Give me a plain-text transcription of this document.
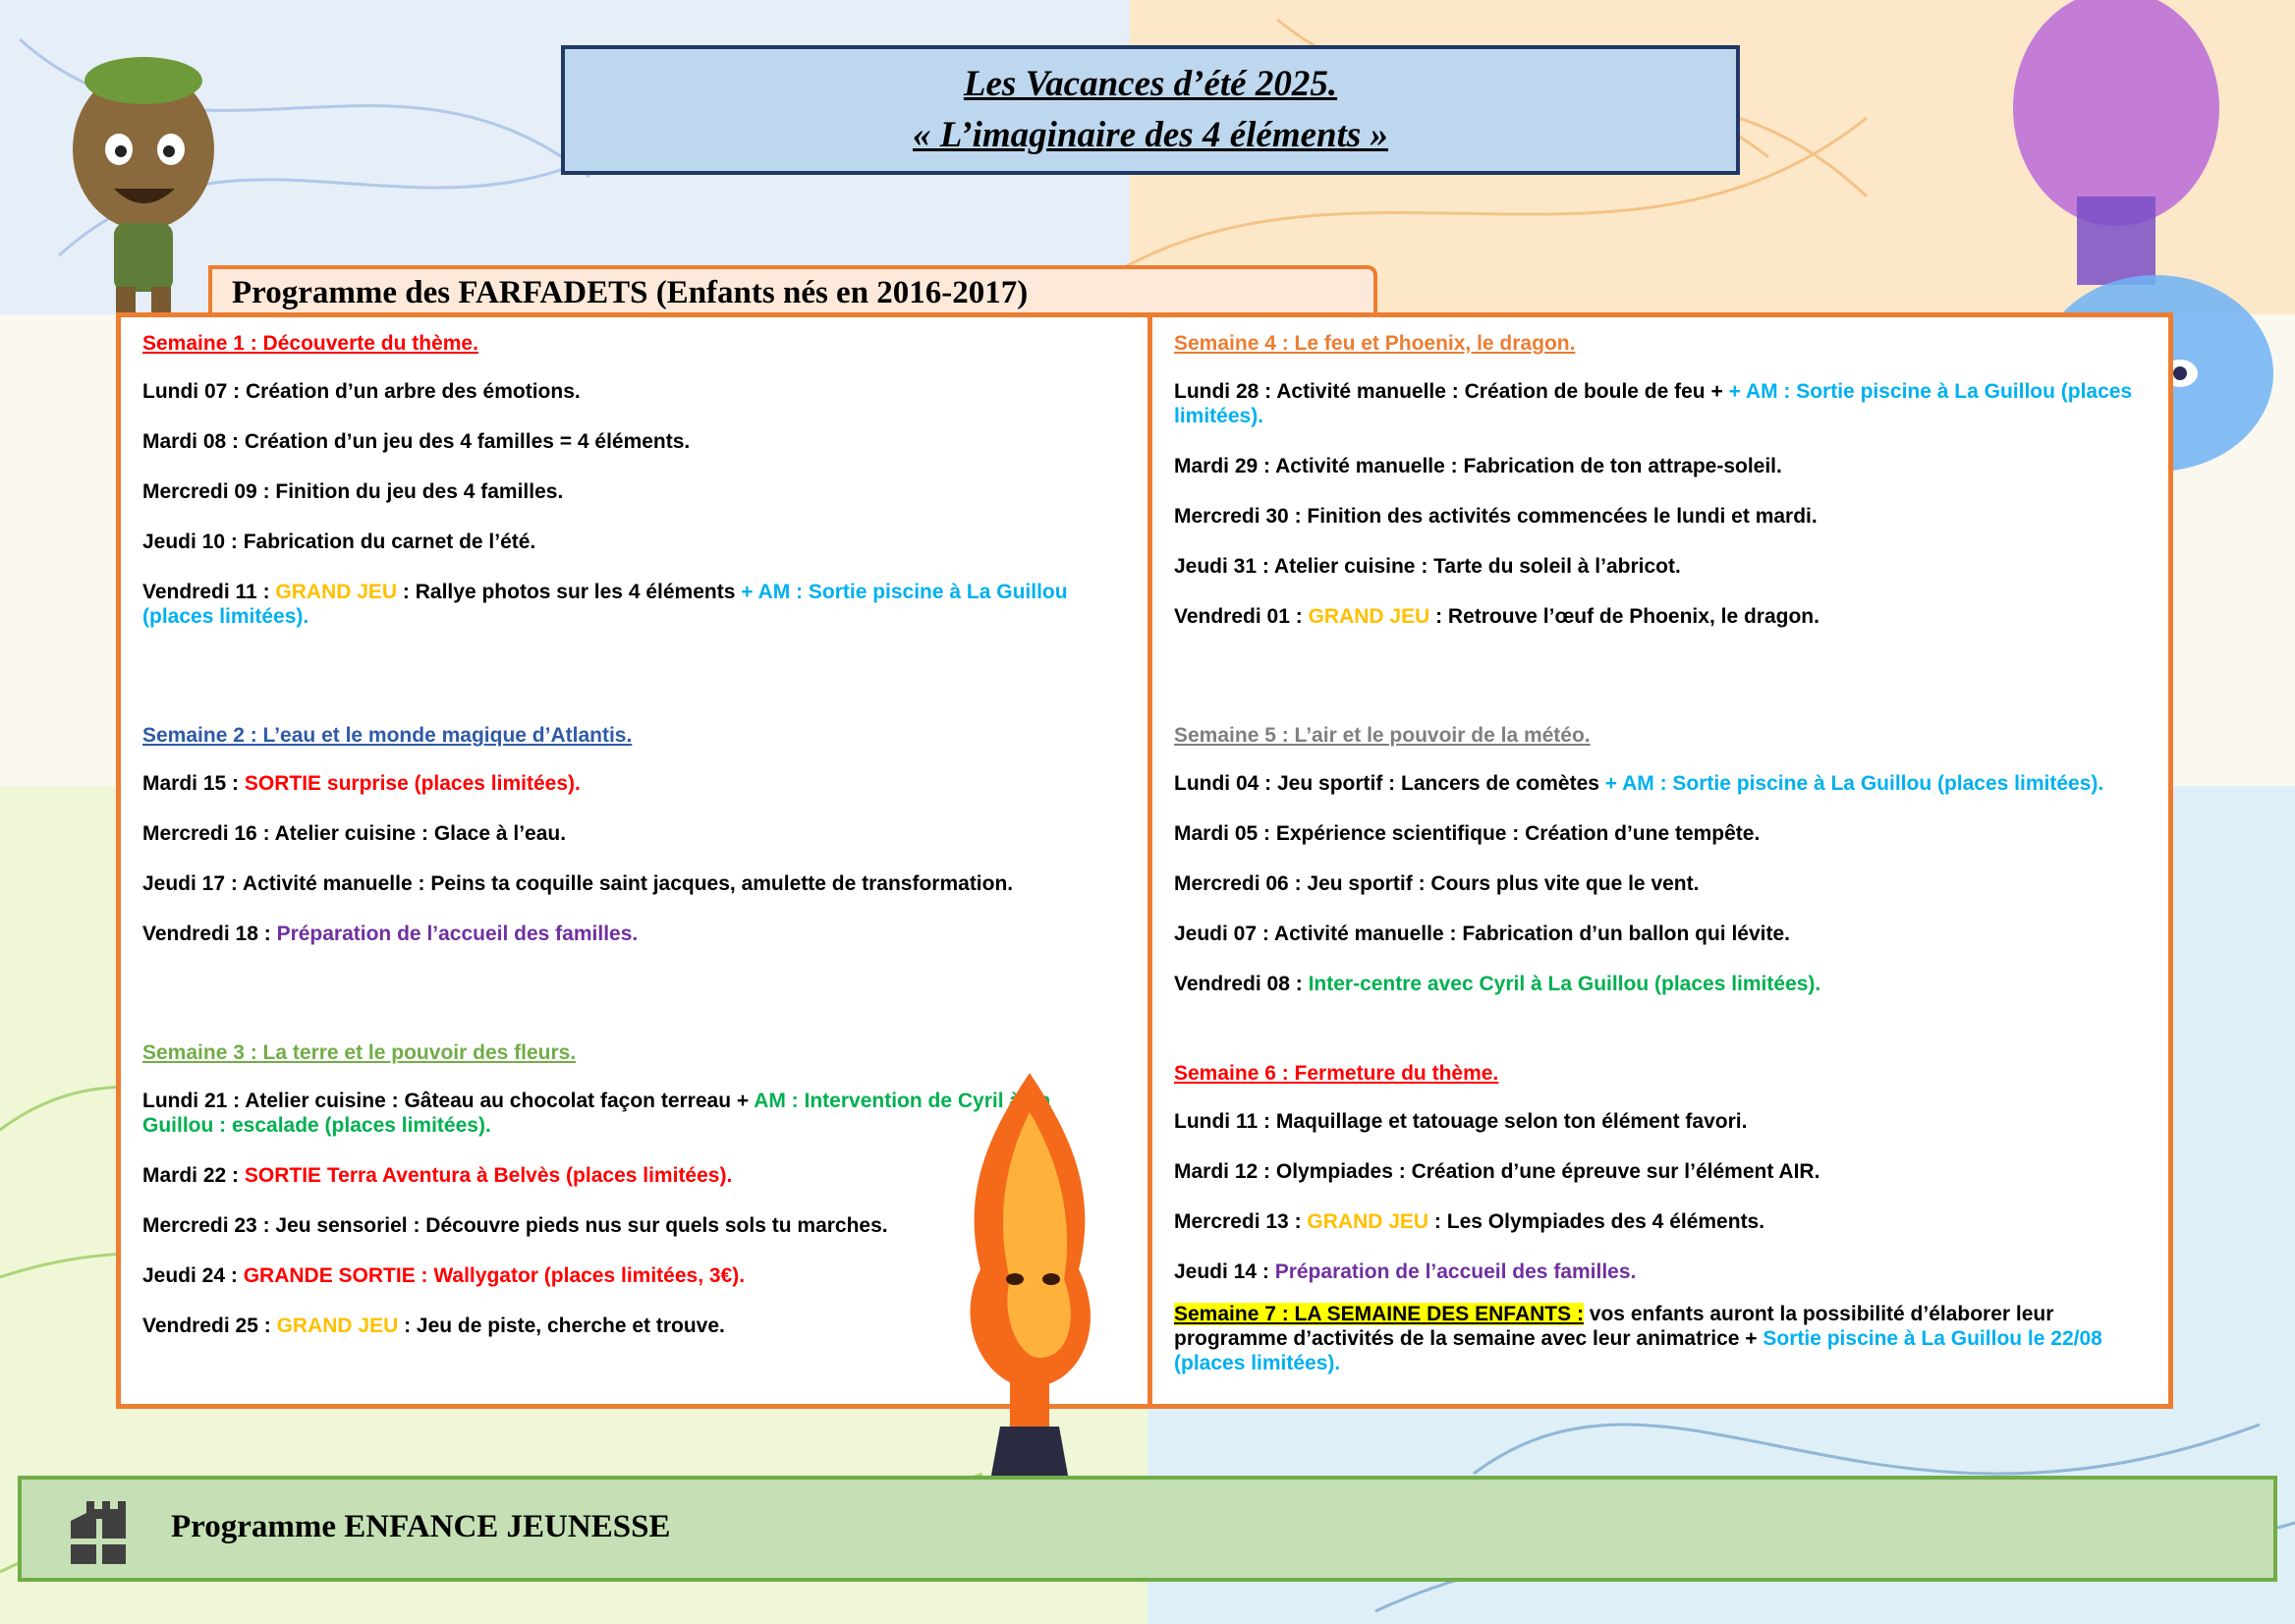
Les Vacances d’été 2025.
« L’imaginaire des 4 éléments »
Programme des FARFADETS (Enfants nés en 2016-2017)

Semaine 1 : Découverte du thème.

Lundi 07 : Création d’un arbre des émotions.

Mardi 08 : Création d’un jeu des 4 familles = 4 éléments.

Mercredi 09 : Finition du jeu des 4 familles.

Jeudi 10 : Fabrication du carnet de l’été.

Vendredi 11 : GRAND JEU : Rallye photos sur les 4 éléments + AM : Sortie piscine à La Guillou (places limitées).

Semaine 2 : L’eau et le monde magique d’Atlantis.

Mardi 15 : SORTIE surprise (places limitées).

Mercredi 16 : Atelier cuisine : Glace à l’eau.

Jeudi 17 : Activité manuelle : Peins ta coquille saint jacques, amulette de transformation.

Vendredi 18 : Préparation de l’accueil des familles.

Semaine 3 : La terre et le pouvoir des fleurs.

Lundi 21 : Atelier cuisine : Gâteau au chocolat façon terreau + AM : Intervention de Cyril à La Guillou : escalade (places limitées).

Mardi 22 : SORTIE Terra Aventura à Belvès (places limitées).

Mercredi 23 : Jeu sensoriel : Découvre pieds nus sur quels sols tu marches.

Jeudi 24 : GRANDE SORTIE : Wallygator (places limitées, 3€).

Vendredi 25 : GRAND JEU : Jeu de piste, cherche et trouve.

Semaine 4 : Le feu et Phoenix, le dragon.

Lundi 28 : Activité manuelle : Création de boule de feu + + AM : Sortie piscine à La Guillou (places limitées).

Mardi 29 : Activité manuelle : Fabrication de ton attrape-soleil.

Mercredi 30 : Finition des activités commencées le lundi et mardi.

Jeudi 31 : Atelier cuisine : Tarte du soleil à l’abricot.

Vendredi 01 : GRAND JEU : Retrouve l’œuf de Phoenix, le dragon.

Semaine 5 : L’air et le pouvoir de la météo.

Lundi 04 : Jeu sportif : Lancers de comètes + AM : Sortie piscine à La Guillou (places limitées).

Mardi 05 : Expérience scientifique : Création d’une tempête.

Mercredi 06 : Jeu sportif : Cours plus vite que le vent.

Jeudi 07 : Activité manuelle : Fabrication d’un ballon qui lévite.

Vendredi 08 : Inter-centre avec Cyril à La Guillou (places limitées).

Semaine 6 : Fermeture du thème.

Lundi 11 : Maquillage et tatouage selon ton élément favori.

Mardi 12 : Olympiades : Création d’une épreuve sur l’élément AIR.

Mercredi 13 : GRAND JEU : Les Olympiades des 4 éléments.

Jeudi 14 : Préparation de l’accueil des familles.

Semaine 7 : LA SEMAINE DES ENFANTS : vos enfants auront la possibilité d’élaborer leur programme d’activités de la semaine avec leur animatrice + Sortie piscine à La Guillou le 22/08 (places limitées).

Programme ENFANCE JEUNESSE
